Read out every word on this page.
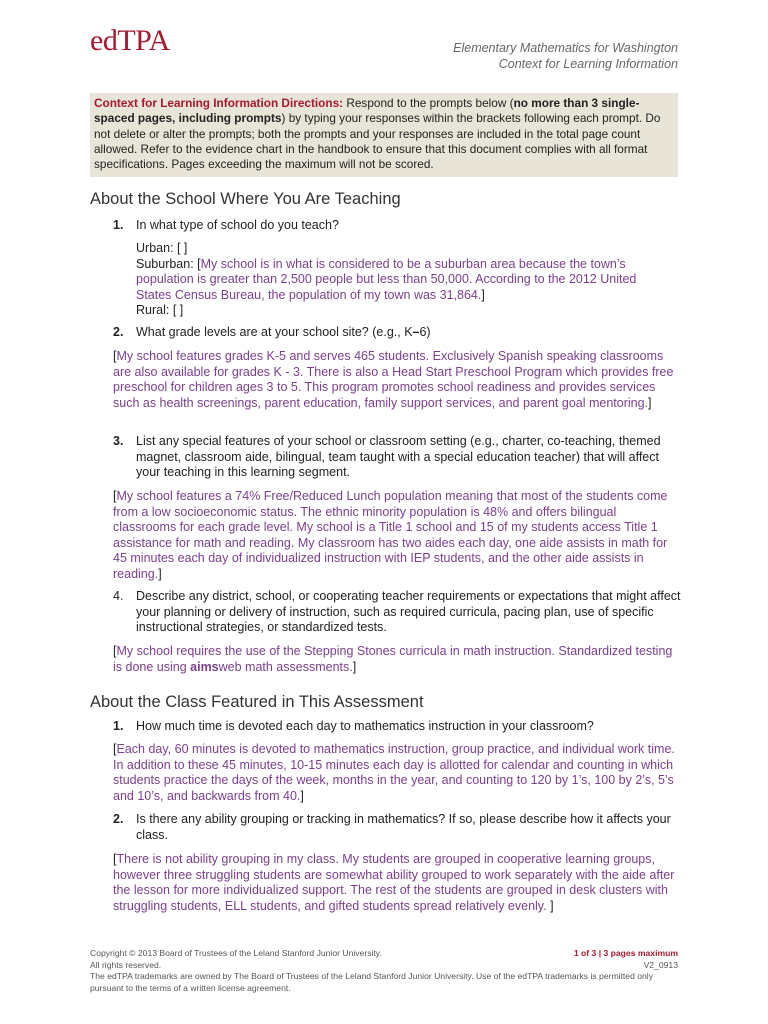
edTPA	Elementary Mathematics for Washington
Context for Learning Information
Context for Learning Information Directions: Respond to the prompts below (no more than 3 single-spaced pages, including prompts) by typing your responses within the brackets following each prompt. Do not delete or alter the prompts; both the prompts and your responses are included in the total page count allowed. Refer to the evidence chart in the handbook to ensure that this document complies with all format specifications. Pages exceeding the maximum will not be scored.
About the School Where You Are Teaching
1. In what type of school do you teach?
Urban: [ ]
Suburban: [My school is in what is considered to be a suburban area because the town’s population is greater than 2,500 people but less than 50,000. According to the 2012 United States Census Bureau, the population of my town was 31,864.]
Rural: [ ]
2. What grade levels are at your school site? (e.g., K–6)
[My school features grades K-5 and serves 465 students. Exclusively Spanish speaking classrooms are also available for grades K - 3. There is also a Head Start Preschool Program which provides free preschool for children ages 3 to 5. This program promotes school readiness and provides services such as health screenings, parent education, family support services, and parent goal mentoring.]
3. List any special features of your school or classroom setting (e.g., charter, co-teaching, themed magnet, classroom aide, bilingual, team taught with a special education teacher) that will affect your teaching in this learning segment.
[My school features a 74% Free/Reduced Lunch population meaning that most of the students come from a low socioeconomic status. The ethnic minority population is 48% and offers bilingual classrooms for each grade level. My school is a Title 1 school and 15 of my students access Title 1 assistance for math and reading. My classroom has two aides each day, one aide assists in math for 45 minutes each day of individualized instruction with IEP students, and the other aide assists in reading.]
4. Describe any district, school, or cooperating teacher requirements or expectations that might affect your planning or delivery of instruction, such as required curricula, pacing plan, use of specific instructional strategies, or standardized tests.
[My school requires the use of the Stepping Stones curricula in math instruction. Standardized testing is done using aimsweb math assessments.]
About the Class Featured in This Assessment
1. How much time is devoted each day to mathematics instruction in your classroom?
[Each day, 60 minutes is devoted to mathematics instruction, group practice, and individual work time. In addition to these 45 minutes, 10-15 minutes each day is allotted for calendar and counting in which students practice the days of the week, months in the year, and counting to 120 by 1’s, 100 by 2’s, 5’s and 10’s, and backwards from 40.]
2. Is there any ability grouping or tracking in mathematics? If so, please describe how it affects your class.
[There is not ability grouping in my class. My students are grouped in cooperative learning groups, however three struggling students are somewhat ability grouped to work separately with the aide after the lesson for more individualized support. The rest of the students are grouped in desk clusters with struggling students, ELL students, and gifted students spread relatively evenly. ]
Copyright © 2013 Board of Trustees of the Leland Stanford Junior University.
All rights reserved.
The edTPA trademarks are owned by The Board of Trustees of the Leland Stanford Junior University. Use of the edTPA trademarks is permitted only pursuant to the terms of a written license agreement.
1 of 3 | 3 pages maximum
V2_0913
